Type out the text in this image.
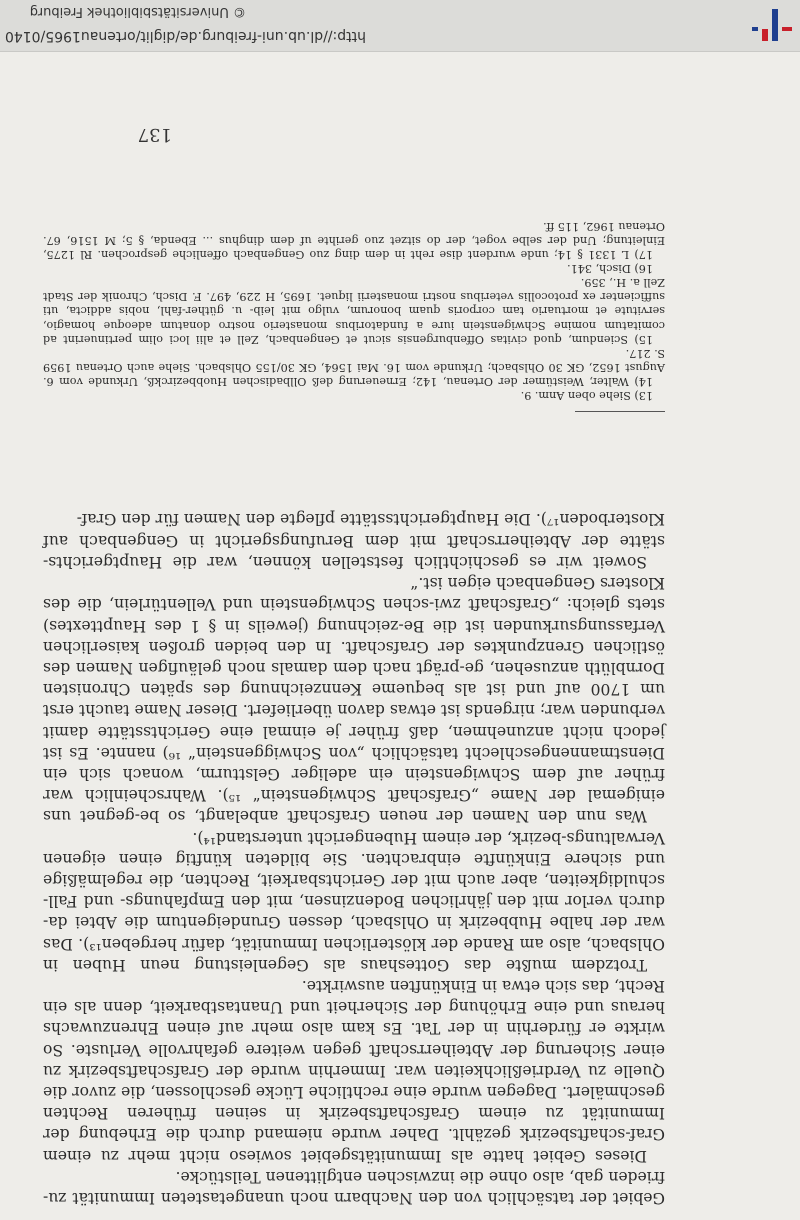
Gebiet der tatsächlich von den Nachbarn noch unangetasteten Immunität zu-frieden gab, also ohne die inzwischen entglittenen Teilstücke.

Dieses Gebiet hatte als Immunitätsgebiet sowieso nicht mehr zu einem Graf-schaftsbezirk gezählt. Daher wurde niemand durch die Erhebung der Immunität zu einem Grafschaftsbezirk in seinen früheren Rechten geschmälert. Dagegen wurde eine rechtliche Lücke geschlossen, die zuvor die Quelle zu Verdrießlichkeiten war. Immerhin wurde der Grafschaftsbezirk zu einer Sicherung der Abteiherrschaft gegen weitere gefahrvolle Verluste. So wirkte er fürderhin in der Tat. Es kam also mehr auf einen Ehrenzuwachs heraus und eine Erhöhung der Sicherheit und Unantastbarkeit, denn als ein Recht, das sich etwa in Einkünften auswirkte.

Trotzdem mußte das Gotteshaus als Gegenleistung neun Huben in Ohlsbach, also am Rande der klösterlichen Immunität, dafür hergeben¹³). Das war der halbe Hubbezirk in Ohlsbach, dessen Grundeigentum die Abtei da-durch verlor mit den jährlichen Bodenzinsen, mit den Empfahungs- und Fall-schuldigkeiten, aber auch mit der Gerichtsbarkeit, Rechten, die regelmäßige und sichere Einkünfte einbrachten. Sie bildeten künftig einen eigenen Verwaltungs-bezirk, der einem Hubengericht unterstand¹⁴).

Was nun den Namen der neuen Grafschaft anbelangt, so be-gegnet uns einigemal der Name „Grafschaft Schwigenstein“ ¹⁵). Wahrscheinlich war früher auf dem Schwigenstein ein adeliger Gelstturm, wonach sich ein Dienstmannengeschlecht tatsächlich „von Schwiggenstein“ ¹⁶) nannte. Es ist jedoch nicht anzunehmen, daß früher je einmal eine Gerichtsstätte damit verbunden war; nirgends ist etwas davon überliefert. Dieser Name taucht erst um 1700 auf und ist als bequeme Kennzeichnung des späten Chronisten Dornblüth anzusehen, ge-prägt nach dem damals noch geläufigen Namen des östlichen Grenzpunktes der Grafschaft. In den beiden großen kaiserlichen Verfassungsurkunden ist die Be-zeichnung (jeweils in § 1 des Haupttextes) stets gleich: „Grafschaft zwi-schen Schwigenstein und Vellentürlein, die des Klosters Gengenbach eigen ist.“

Soweit wir es geschichtlich feststellen können, war die Hauptgerichts-stätte der Abteiherrschaft mit dem Berufungsgericht in Gengenbach auf Klosterboden¹⁷). Die Hauptgerichtsstätte pflegte den Namen für den Graf-

13) Siehe oben Anm. 9.

14) Walter, Weistümer der Ortenau, 142; Erneuerung deß Ollbadischen Huobbezirckß, Urkunde vom 6. August 1652, GK 30 Ohlsbach; Urkunde vom 16. Mai 1564, GK 30/155 Ohlsbach. Siehe auch Ortenau 1959 S. 217.

15) Sciendum, quod civitas Offenburgensis sicut et Gengenbach, Zell et alii loci olim pertinuerint ad comitatum nomine Schwigenstein iure a fundatoribus monasterio nostro donatum adeoque homagio, servitute et mortuario tam corporis quam bonorum, vulgo mit leib- u. güther-fahl, nobis addicta, uti sufficienter ex protocollis veteribus nostri monasterii liquet. 1695, H 229, 497. F. Disch, Chronik der Stadt Zell a. H., 359.

16) Disch, 341.

17) L 1331 § 14; unde wurdent dise reht in dem ding zuo Gengenbach offenliche gesprochen. Rl 1275, Einleitung; Und der selbe voget, der do sitzet zuo gerihte uf dem dinghus ... Ebenda, § 5; M 1516, 67. Ortenau 1962, 115 ff.

137
http://dl.ub.uni-freiburg.de/diglit/ortenau1965/0140
© Universitätsbibliothek Freiburg
